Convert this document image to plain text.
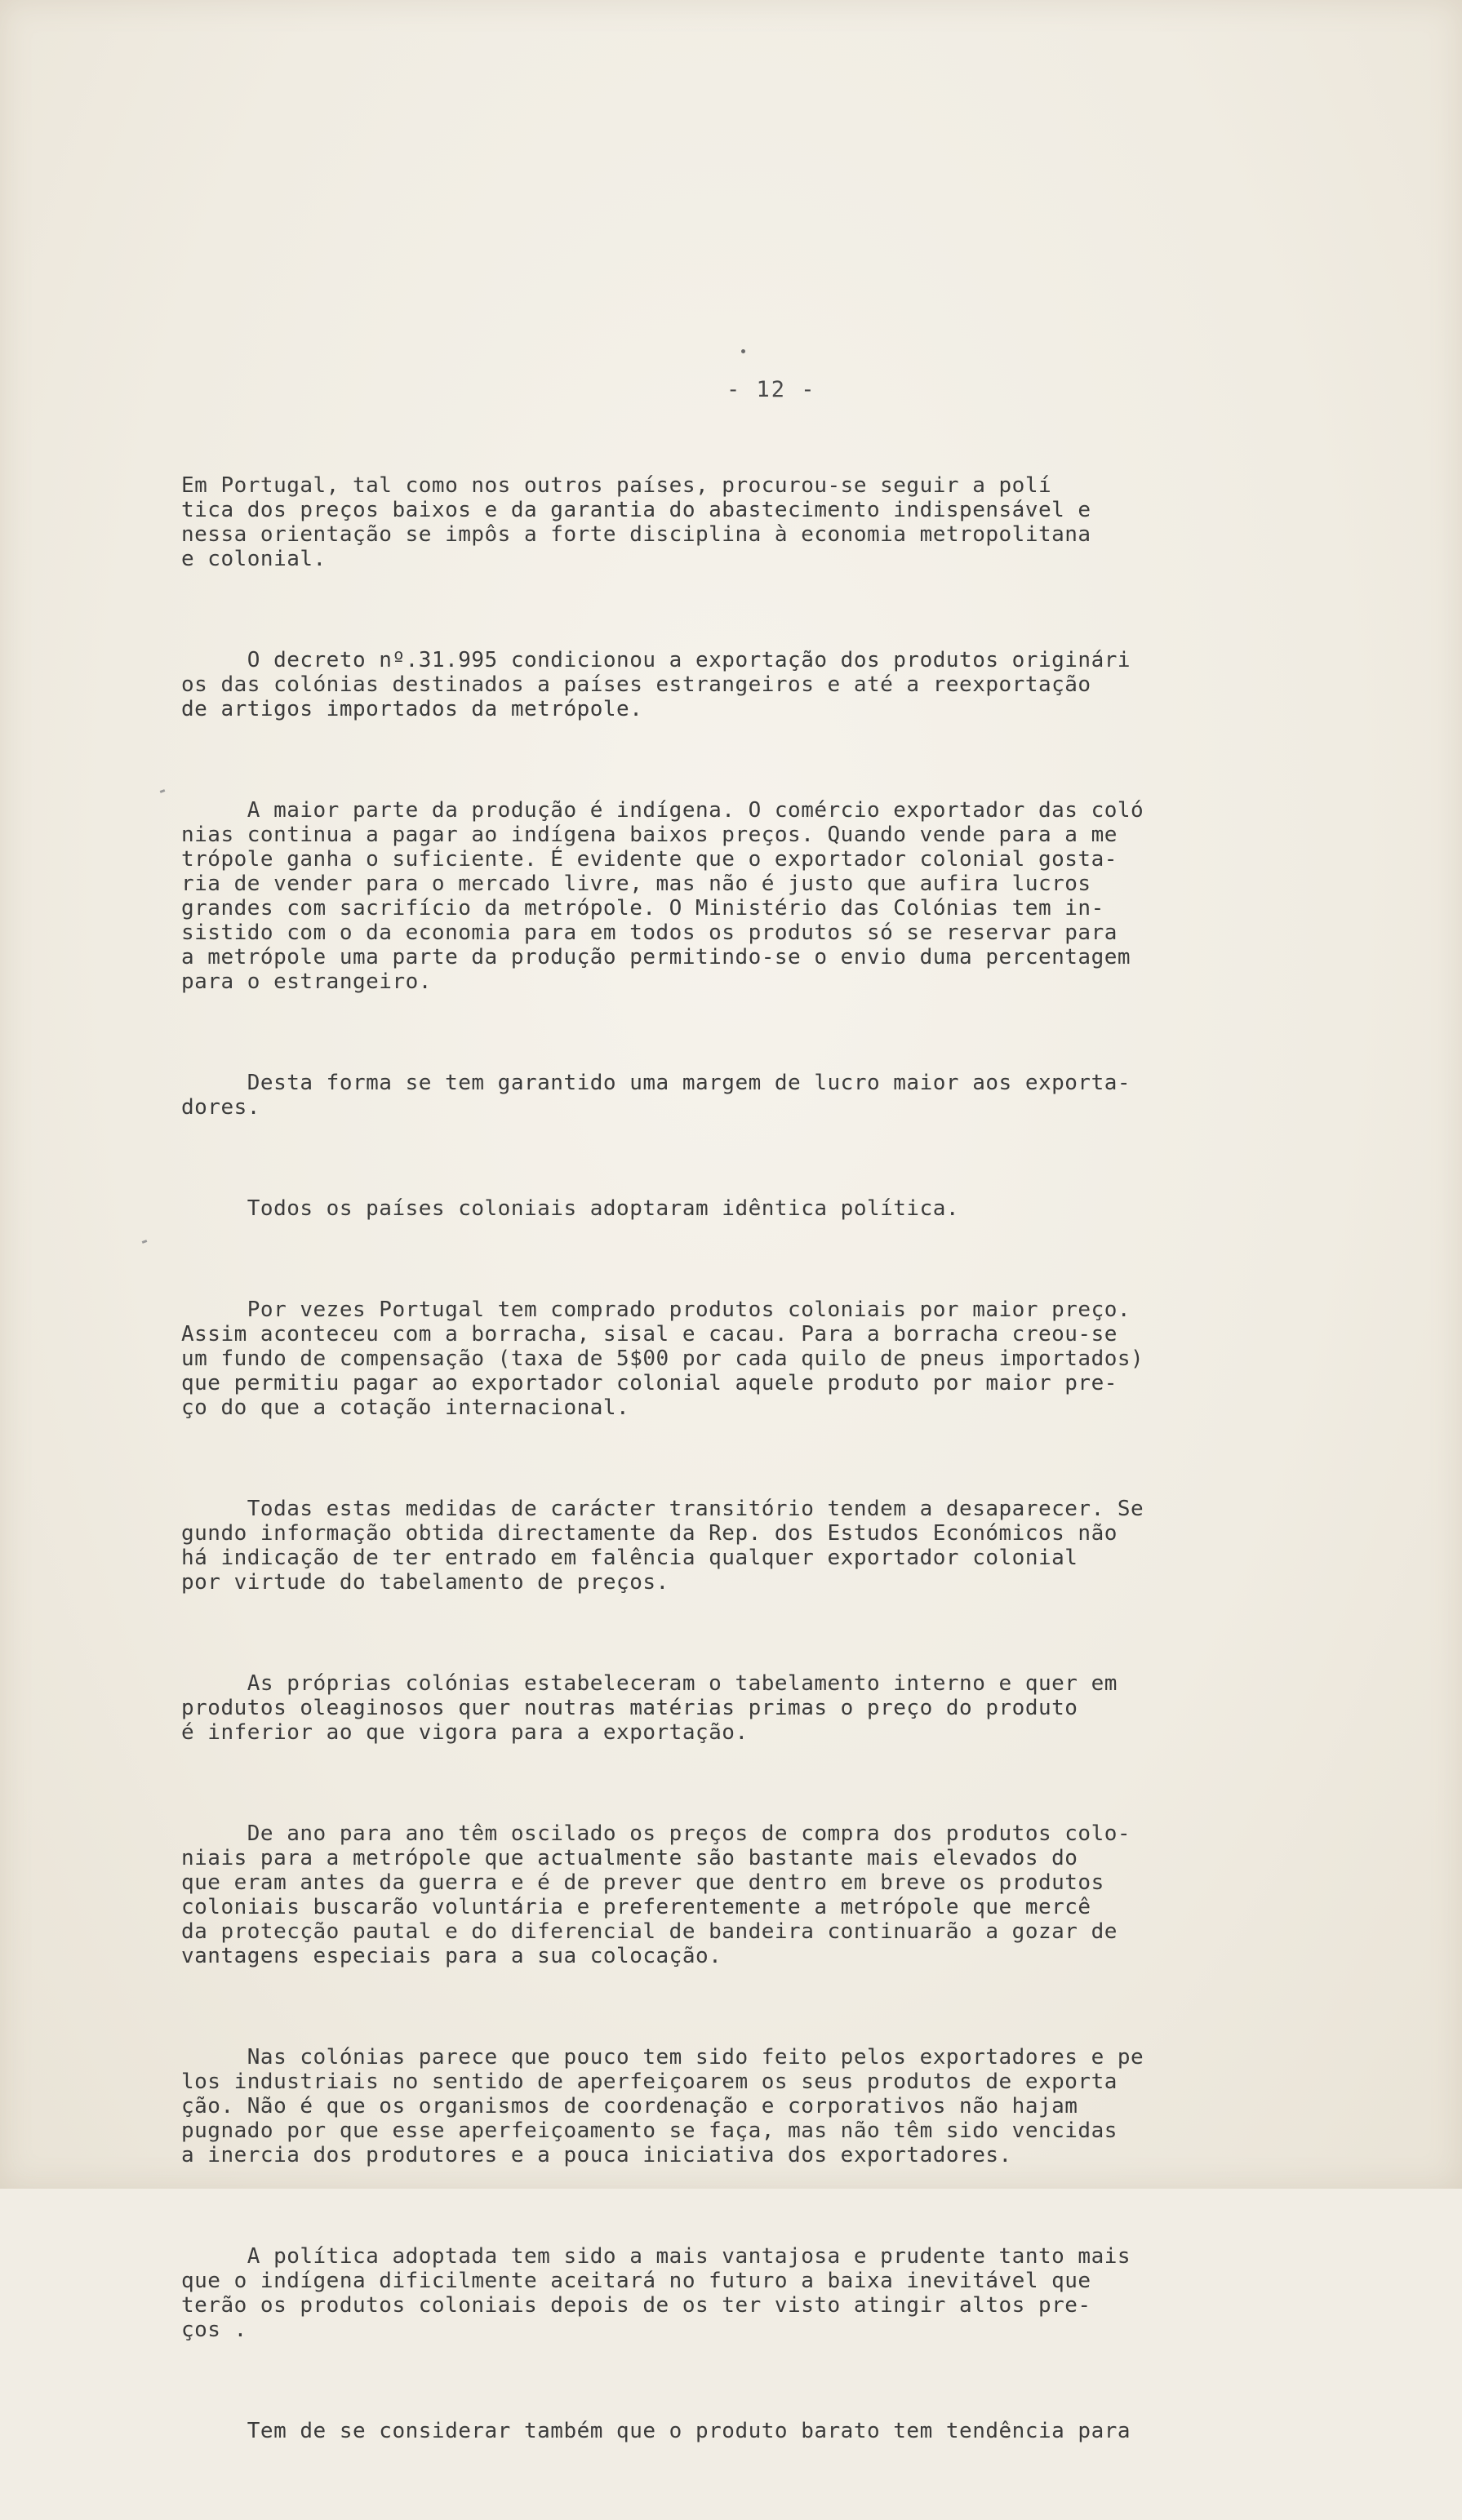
- 12 -

Em Portugal, tal como nos outros países, procurou-se seguir a polí
tica dos preços baixos e da garantia do abastecimento indispensável e
nessa orientação se impôs a forte disciplina à economia metropolitana
e colonial.

O decreto nº.31.995 condicionou a exportação dos produtos originári
os das colónias destinados a países estrangeiros e até a reexportação
de artigos importados da metrópole.

A maior parte da produção é indígena. O comércio exportador das coló
nias continua a pagar ao indígena baixos preços. Quando vende para a me
trópole ganha o suficiente. É evidente que o exportador colonial gosta-
ria de vender para o mercado livre, mas não é justo que aufira lucros
grandes com sacrifício da metrópole. O Ministério das Colónias tem in-
sistido com o da economia para em todos os produtos só se reservar para
a metrópole uma parte da produção permitindo-se o envio duma percentagem
para o estrangeiro.

Desta forma se tem garantido uma margem de lucro maior aos exporta-
dores.

Todos os países coloniais adoptaram idêntica política.

Por vezes Portugal tem comprado produtos coloniais por maior preço.
Assim aconteceu com a borracha, sisal e cacau. Para a borracha creou-se
um fundo de compensação (taxa de 5$00 por cada quilo de pneus importados)
que permitiu pagar ao exportador colonial aquele produto por maior pre-
ço do que a cotação internacional.

Todas estas medidas de carácter transitório tendem a desaparecer. Se
gundo informação obtida directamente da Rep. dos Estudos Económicos não
há indicação de ter entrado em falência qualquer exportador colonial
por virtude do tabelamento de preços.

As próprias colónias estabeleceram o tabelamento interno e quer em
produtos oleaginosos quer noutras matérias primas o preço do produto
é inferior ao que vigora para a exportação.

De ano para ano têm oscilado os preços de compra dos produtos colo-
niais para a metrópole que actualmente são bastante mais elevados do
que eram antes da guerra e é de prever que dentro em breve os produtos
coloniais buscarão voluntária e preferentemente a metrópole que mercê
da protecção pautal e do diferencial de bandeira continuarão a gozar de
vantagens especiais para a sua colocação.

Nas colónias parece que pouco tem sido feito pelos exportadores e pe
los industriais no sentido de aperfeiçoarem os seus produtos de exporta
ção. Não é que os organismos de coordenação e corporativos não hajam
pugnado por que esse aperfeiçoamento se faça, mas não têm sido vencidas
a inercia dos produtores e a pouca iniciativa dos exportadores.

A política adoptada tem sido a mais vantajosa e prudente tanto mais
que o indígena dificilmente aceitará no futuro a baixa inevitável que
terão os produtos coloniais depois de os ter visto atingir altos pre-
ços .

Tem de se considerar também que o produto barato tem tendência para
